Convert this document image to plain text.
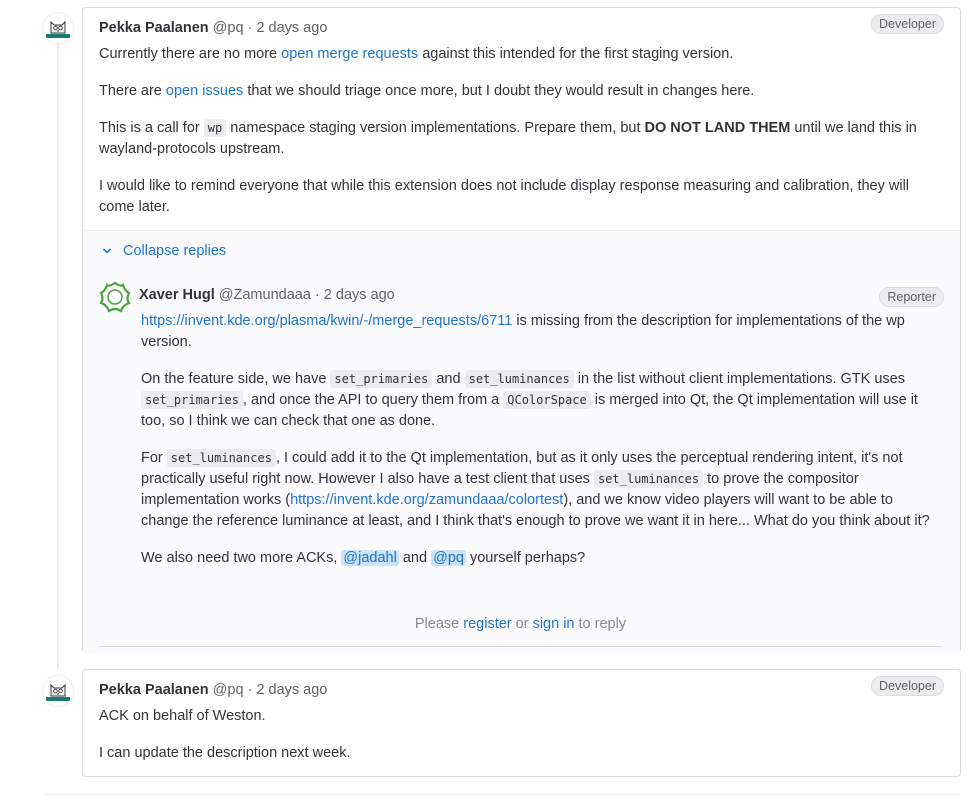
Pekka Paalanen @pq · 2 days ago	Developer

Currently there are no more open merge requests against this intended for the first staging version.

There are open issues that we should triage once more, but I doubt they would result in changes here.

This is a call for wp namespace staging version implementations. Prepare them, but DO NOT LAND THEM until we land this in wayland-protocols upstream.

I would like to remind everyone that while this extension does not include display response measuring and calibration, they will come later.

Collapse replies
Xaver Hugl @Zamundaaa · 2 days ago	Reporter

https://invent.kde.org/plasma/kwin/-/merge_requests/6711 is missing from the description for implementations of the wp version.

On the feature side, we have set_primaries and set_luminances in the list without client implementations. GTK uses set_primaries , and once the API to query them from a QColorSpace is merged into Qt, the Qt implementation will use it too, so I think we can check that one as done.

For set_luminances , I could add it to the Qt implementation, but as it only uses the perceptual rendering intent, it's not practically useful right now. However I also have a test client that uses set_luminances to prove the compositor implementation works (https://invent.kde.org/zamundaaa/colortest), and we know video players will want to be able to change the reference luminance at least, and I think that's enough to prove we want it in here... What do you think about it?

We also need two more ACKs, @jadahl and @pq yourself perhaps?

Please register or sign in to reply
Pekka Paalanen @pq · 2 days ago	Developer

ACK on behalf of Weston.

I can update the description next week.
